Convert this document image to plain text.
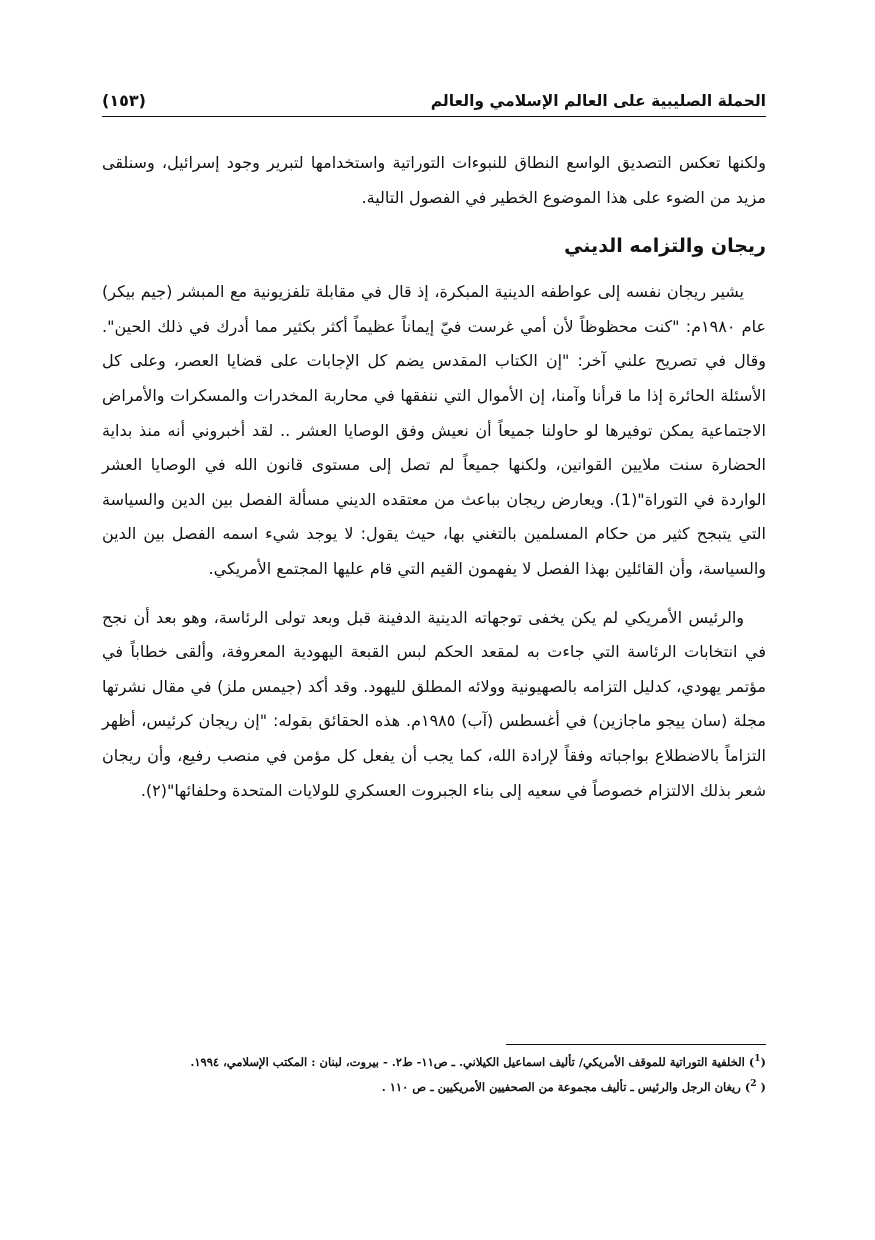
الحملة الصليبية على العالم الإسلامي والعالم
(١٥٣)

ولكنها تعكس التصديق الواسع النطاق للنبوءات التوراتية واستخدامها لتبرير وجود إسرائيل، وسنلقى مزيد من الضوء على هذا الموضوع الخطير في الفصول التالية.

ريجان والتزامه الديني

يشير ريجان نفسه إلى عواطفه الدينية المبكرة، إذ قال في مقابلة تلفزيونية مع المبشر (جيم بيكر) عام ١٩٨٠م: "كنت محظوظاً لأن أمي غرست فيّ إيماناً عظيماً أكثر بكثير مما أدرك في ذلك الحين". وقال في تصريح علني آخر: "إن الكتاب المقدس يضم كل الإجابات على قضايا العصر، وعلى كل الأسئلة الحائرة إذا ما قرأنا وآمنا، إن الأموال التي ننفقها في محاربة المخدرات والمسكرات والأمراض الاجتماعية يمكن توفيرها لو حاولنا جميعاً أن نعيش وفق الوصايا العشر .. لقد أخبروني أنه منذ بداية الحضارة سنت ملايين القوانين، ولكنها جميعاً لم تصل إلى مستوى قانون الله في الوصايا العشر الواردة في التوراة"(1). ويعارض ريجان بباعث من معتقده الديني مسألة الفصل بين الدين والسياسة التي يتبجح كثير من حكام المسلمين بالتغني بها، حيث يقول: لا يوجد شيء اسمه الفصل بين الدين والسياسة، وأن القائلين بهذا الفصل لا يفهمون القيم التي قام عليها المجتمع الأمريكي.

والرئيس الأمريكي لم يكن يخفى توجهاته الدينية الدفينة قبل وبعد تولى الرئاسة، وهو بعد أن نجح في انتخابات الرئاسة التي جاءت به لمقعد الحكم لبس القبعة اليهودية المعروفة، وألقى خطاباً في مؤتمر يهودي، كدليل التزامه بالصهيونية وولائه المطلق لليهود. وقد أكد (جيمس ملز) في مقال نشرتها مجلة (سان ييجو ماجازين) في أغسطس (آب) ١٩٨٥م. هذه الحقائق بقوله: "إن ريجان كرئيس، أظهر التزاماً بالاضطلاع بواجباته وفقاً لإرادة الله، كما يجب أن يفعل كل مؤمن في منصب رفيع، وأن ريجان شعر بذلك الالتزام خصوصاً في سعيه إلى بناء الجبروت العسكري للولايات المتحدة وحلفائها"(٢).

($^1$) الخلفية التوراتية للموقف الأمريكي/ تأليف اسماعيل الكيلاني. ـ ص١١- ط٢. - بيروت، لبنان : المكتب الإسلامي، ١٩٩٤.

( $^2$) ريغان الرجل والرئيس ـ تأليف مجموعة من الصحفيين الأمريكيين ـ ص ١١٠ .
